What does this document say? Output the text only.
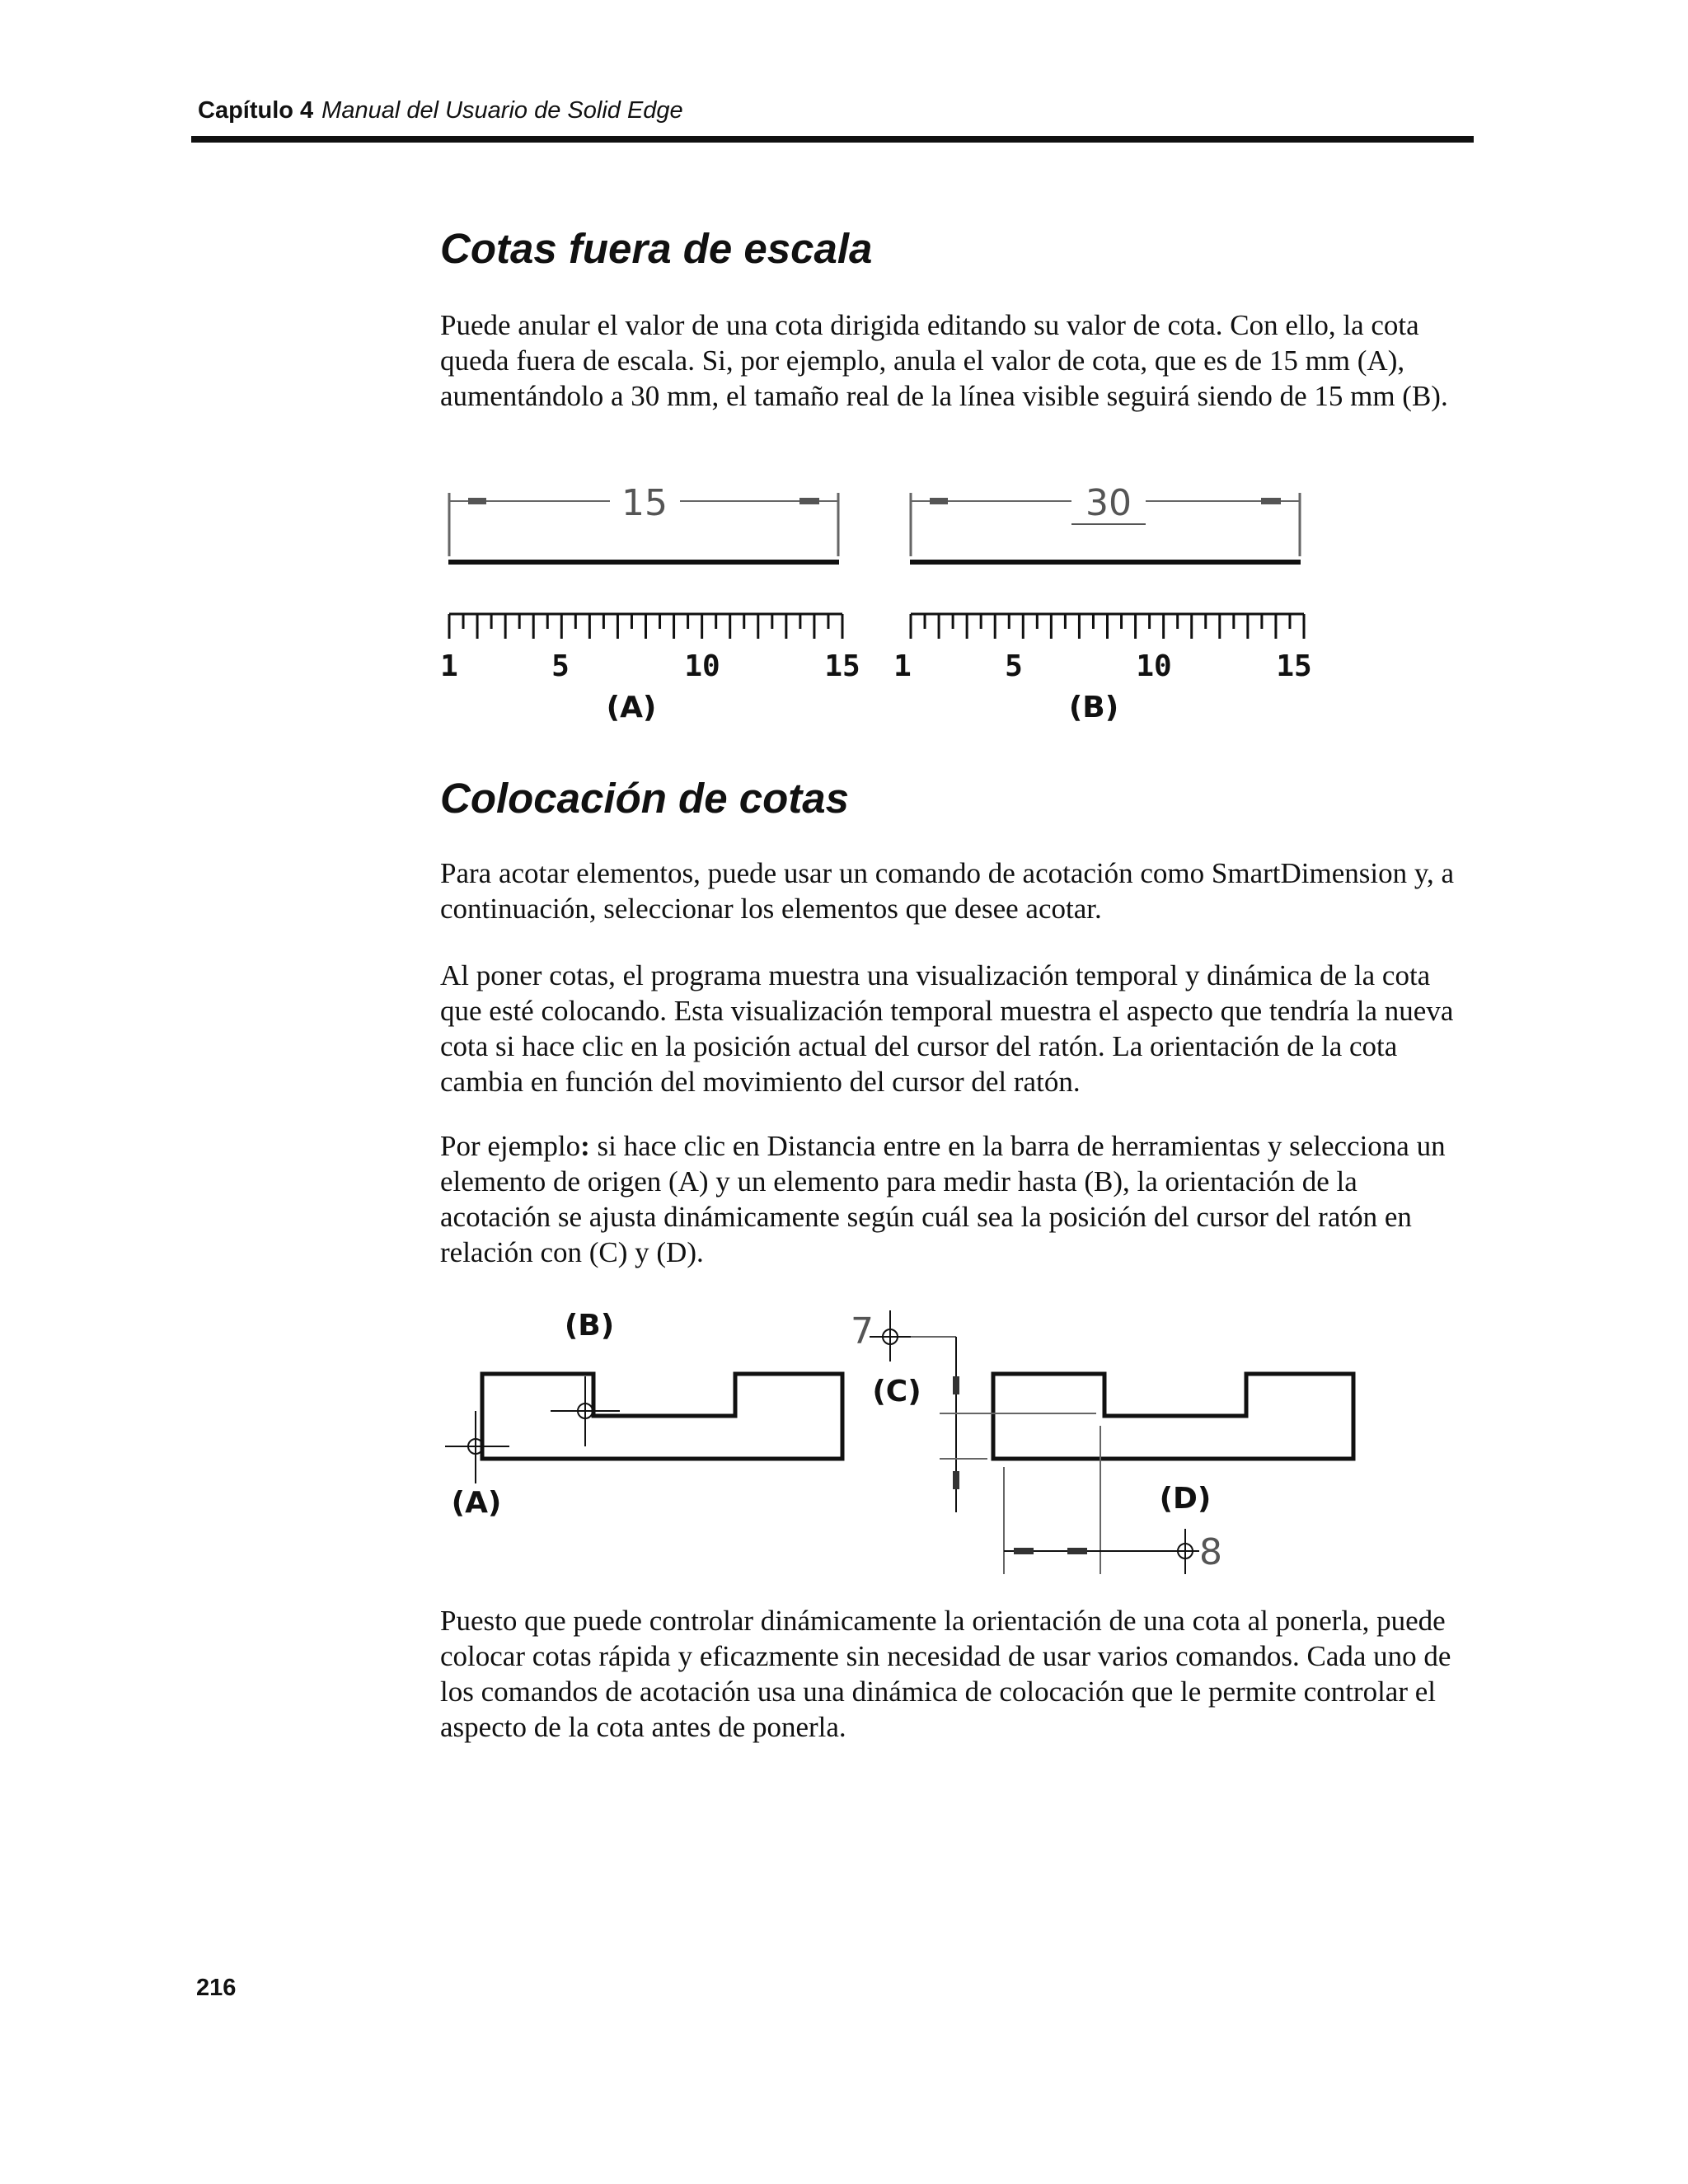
Capítulo 4 Manual del Usuario de Solid Edge
Cotas fuera de escala

Puede anular el valor de una cota dirigida editando su valor de cota. Con ello, la cota queda fuera de escala. Si, por ejemplo, anula el valor de cota, que es de 15 mm (A), aumentándolo a 30 mm, el tamaño real de la línea visible seguirá siendo de 15 mm (B).

15
1	5	10	15
(A)
30
1	5	10	15
(B)
Colocación de cotas

Para acotar elementos, puede usar un comando de acotación como SmartDimension y, a continuación, seleccionar los elementos que desee acotar.

Al poner cotas, el programa muestra una visualización temporal y dinámica de la cota que esté colocando. Esta visualización temporal muestra el aspecto que tendría la nueva cota si hace clic en la posición actual del cursor del ratón. La orientación de la cota cambia en función del movimiento del cursor del ratón.

Por ejemplo: si hace clic en Distancia entre en la barra de herramientas y selecciona un elemento de origen (A) y un elemento para medir hasta (B), la orientación de la acotación se ajusta dinámicamente según cuál sea la posición del cursor del ratón en relación con (C) y (D).

(B)
(A)
7
(C)
(D)
8

Puesto que puede controlar dinámicamente la orientación de una cota al ponerla, puede colocar cotas rápida y eficazmente sin necesidad de usar varios comandos. Cada uno de los comandos de acotación usa una dinámica de colocación que le permite controlar el aspecto de la cota antes de ponerla.

216
